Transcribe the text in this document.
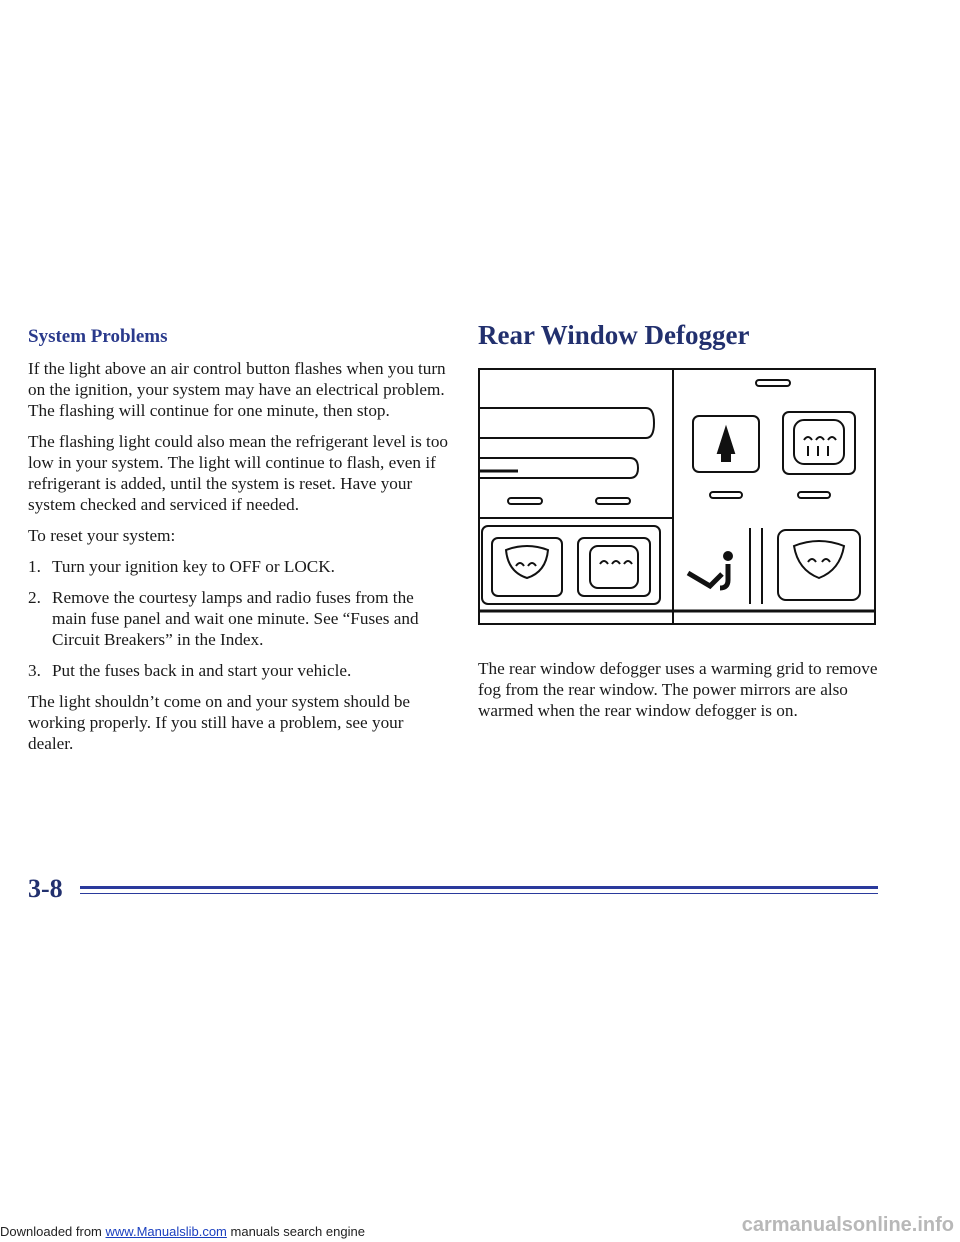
System Problems

If the light above an air control button flashes when you turn on the ignition, your system may have an electrical problem. The flashing will continue for one minute, then stop.

The flashing light could also mean the refrigerant level is too low in your system. The light will continue to flash, even if refrigerant is added, until the system is reset. Have your system checked and serviced if needed.

To reset your system:

1. Turn your ignition key to OFF or LOCK.
2. Remove the courtesy lamps and radio fuses from the main fuse panel and wait one minute. See “Fuses and Circuit Breakers” in the Index.
3. Put the fuses back in and start your vehicle.

The light shouldn’t come on and your system should be working properly. If you still have a problem, see your dealer.

Rear Window Defogger

The rear window defogger uses a warming grid to remove fog from the rear window. The power mirrors are also warmed when the rear window defogger is on.

3-8
Downloaded from www.Manualslib.com manuals search engine	carmanualsonline.info
